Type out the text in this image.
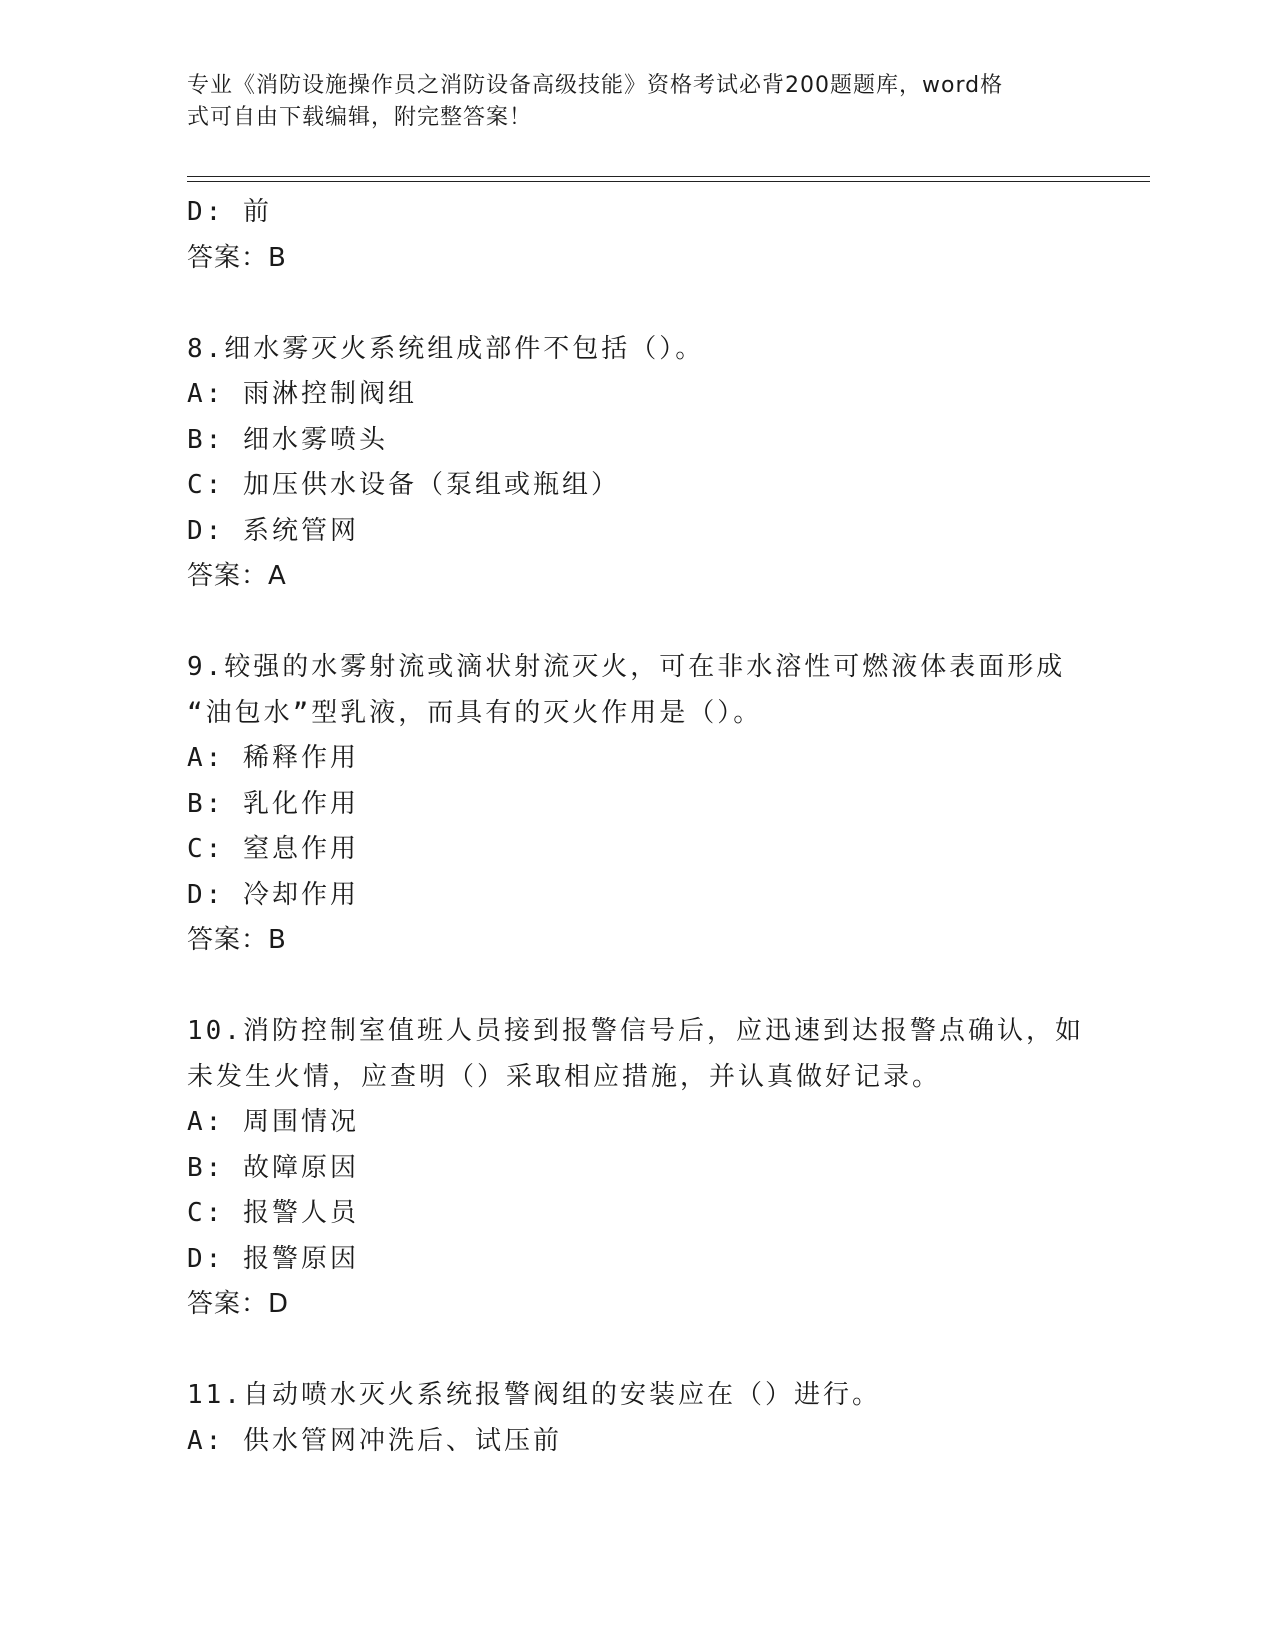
专业《消防设施操作员之消防设备高级技能》资格考试必背200题题库，word格
式可自由下载编辑，附完整答案！
D: 前
答案：B
8.细水雾灭火系统组成部件不包括（）。
A: 雨淋控制阀组
B: 细水雾喷头
C: 加压供水设备（泵组或瓶组）
D: 系统管网
答案：A
9.较强的水雾射流或滴状射流灭火，可在非水溶性可燃液体表面形成
“油包水”型乳液，而具有的灭火作用是（）。
A: 稀释作用
B: 乳化作用
C: 窒息作用
D: 冷却作用
答案：B
10.消防控制室值班人员接到报警信号后，应迅速到达报警点确认，如
未发生火情，应查明（）采取相应措施，并认真做好记录。
A: 周围情况
B: 故障原因
C: 报警人员
D: 报警原因
答案：D
11.自动喷水灭火系统报警阀组的安装应在（）进行。
A: 供水管网冲洗后、试压前
